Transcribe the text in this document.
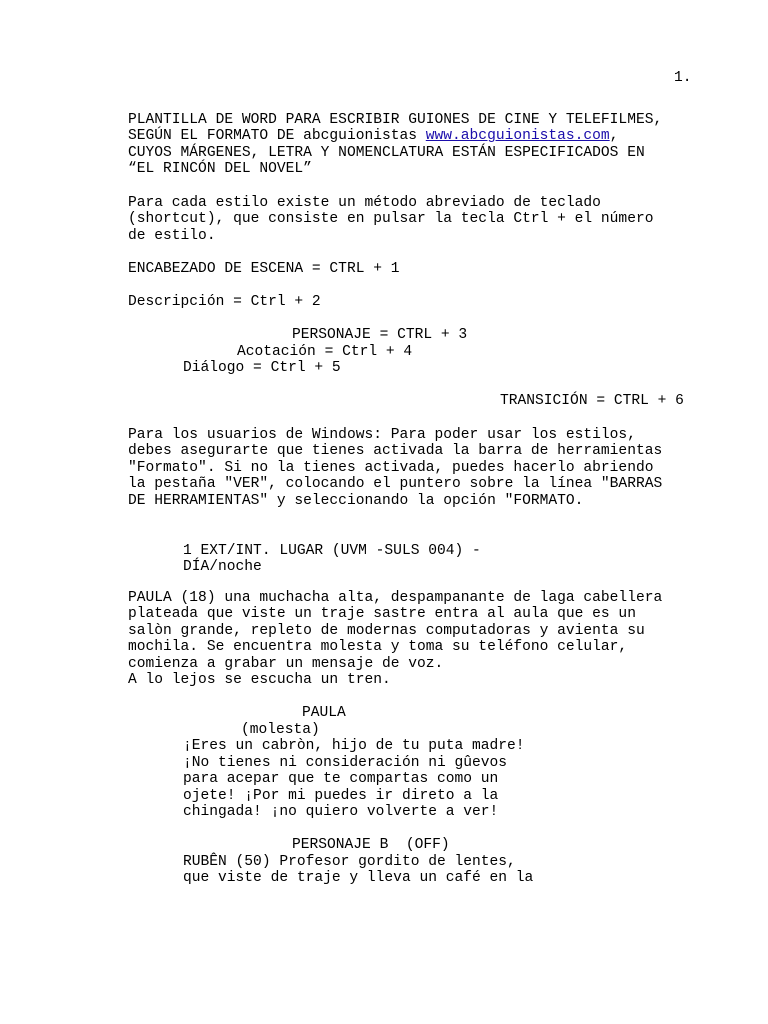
1.
PLANTILLA DE WORD PARA ESCRIBIR GUIONES DE CINE Y TELEFILMES,
SEGÚN EL FORMATO DE abcguionistas www.abcguionistas.com,
CUYOS MÁRGENES, LETRA Y NOMENCLATURA ESTÁN ESPECIFICADOS EN
“EL RINCÓN DEL NOVEL”
Para cada estilo existe un método abreviado de teclado
(shortcut), que consiste en pulsar la tecla Ctrl + el número
de estilo.
ENCABEZADO DE ESCENA = CTRL + 1
Descripción = Ctrl + 2
PERSONAJE = CTRL + 3
Acotación = Ctrl + 4
Diálogo = Ctrl + 5
TRANSICIÓN = CTRL + 6
Para los usuarios de Windows: Para poder usar los estilos,
debes asegurarte que tienes activada la barra de herramientas
"Formato". Si no la tienes activada, puedes hacerlo abriendo
la pestaña "VER", colocando el puntero sobre la línea "BARRAS
DE HERRAMIENTAS" y seleccionando la opción "FORMATO.
1 EXT/INT. LUGAR (UVM -SULS 004) -
DÍA/noche
PAULA (18) una muchacha alta, despampanante de laga cabellera
plateada que viste un traje sastre entra al aula que es un
salòn grande, repleto de modernas computadoras y avienta su
mochila. Se encuentra molesta y toma su teléfono celular,
comienza a grabar un mensaje de voz.
A lo lejos se escucha un tren.
PAULA
(molesta)
¡Eres un cabròn, hijo de tu puta madre!
¡No tienes ni consideración ni gûevos
para acepar que te compartas como un
ojete! ¡Por mi puedes ir direto a la
chingada! ¡no quiero volverte a ver!
PERSONAJE B  (OFF)
RUBÊN (50) Profesor gordito de lentes,
que viste de traje y lleva un café en la
